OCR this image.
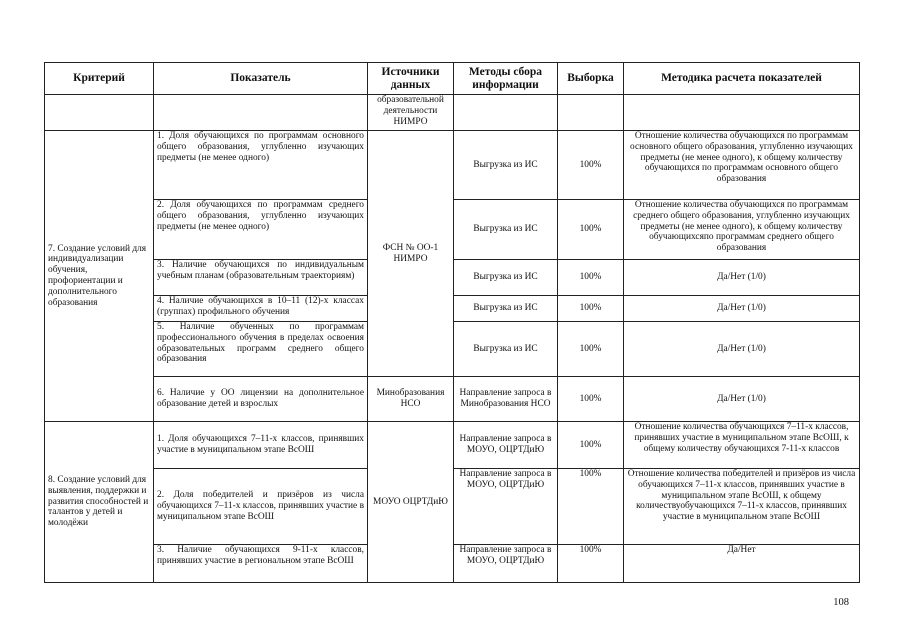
Критерий	Показатель	Источники данных	Методы сбора информации	Выборка	Методика расчета показателей
		образовательной деятельности НИМРО			
7. Создание условий для индивидуализации обучения, профориентации и дополнительного образования	1. Доля обучающихся по программам основного общего образования, углубленно изучающих предметы (не менее одного)	ФСН № ОО-1 НИМРО	Выгрузка из ИС	100%	Отношение количества обучающихся по программам основного общего образования, углубленно изучающих предметы (не менее одного), к общему количеству обучающихся по программам основного общего образования
	2. Доля обучающихся по программам среднего общего образования, углубленно изучающих предметы (не менее одного)		Выгрузка из ИС	100%	Отношение количества обучающихся по программам среднего общего образования, углубленно изучающих предметы (не менее одного), к общему количеству обучающихсяпо программам среднего общего образования
	3. Наличие обучающихся по индивидуальным учебным планам (образовательным траекториям)		Выгрузка из ИС	100%	Да/Нет (1/0)
	4. Наличие обучающихся в 10–11 (12)-х классах (группах) профильного обучения		Выгрузка из ИС	100%	Да/Нет (1/0)
	5. Наличие обученных по программам профессионального обучения в пределах освоения образовательных программ среднего общего образования		Выгрузка из ИС	100%	Да/Нет (1/0)
	6. Наличие у ОО лицензии на дополнительное образование детей и взрослых	Минобразования НСО	Направление запроса в Минобразования НСО	100%	Да/Нет (1/0)
8. Создание условий для выявления, поддержки и развития способностей и талантов у детей и молодёжи	1. Доля обучающихся 7–11-х классов, принявших участие в муниципальном этапе ВсОШ	МОУО ОЦРТДиЮ	Направление запроса в МОУО, ОЦРТДиЮ	100%	Отношение количества обучающихся 7–11-х классов, принявших участие в муниципальном этапе ВсОШ, к общему количеству обучающихся 7-11-х классов
	2. Доля победителей и призёров из числа обучающихся 7–11-х классов, принявших участие в муниципальном этапе ВсОШ		Направление запроса в МОУО, ОЦРТДиЮ	100%	Отношение количества победителей и призёров из числа обучающихся 7–11-х классов, принявших участие в муниципальном этапе ВсОШ, к общему количествуобучающихся 7–11-х классов, принявших участие в муниципальном этапе ВсОШ
	3. Наличие обучающихся 9-11-х классов, принявших участие в региональном этапе ВсОШ		Направление запроса в МОУО, ОЦРТДиЮ	100%	Да/Нет
108
